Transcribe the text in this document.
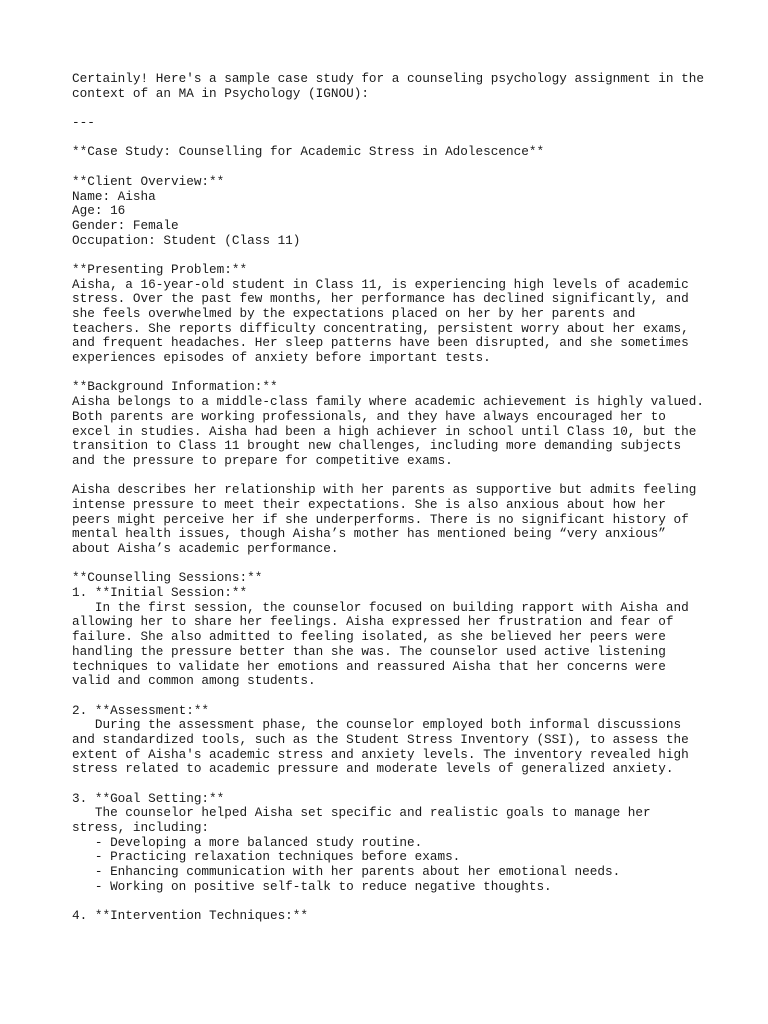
Certainly! Here's a sample case study for a counseling psychology assignment in the
context of an MA in Psychology (IGNOU):
---
**Case Study: Counselling for Academic Stress in Adolescence**
**Client Overview:**
Name: Aisha
Age: 16
Gender: Female
Occupation: Student (Class 11)
**Presenting Problem:**
Aisha, a 16-year-old student in Class 11, is experiencing high levels of academic
stress. Over the past few months, her performance has declined significantly, and
she feels overwhelmed by the expectations placed on her by her parents and
teachers. She reports difficulty concentrating, persistent worry about her exams,
and frequent headaches. Her sleep patterns have been disrupted, and she sometimes
experiences episodes of anxiety before important tests.
**Background Information:**
Aisha belongs to a middle-class family where academic achievement is highly valued.
Both parents are working professionals, and they have always encouraged her to
excel in studies. Aisha had been a high achiever in school until Class 10, but the
transition to Class 11 brought new challenges, including more demanding subjects
and the pressure to prepare for competitive exams.
Aisha describes her relationship with her parents as supportive but admits feeling
intense pressure to meet their expectations. She is also anxious about how her
peers might perceive her if she underperforms. There is no significant history of
mental health issues, though Aisha’s mother has mentioned being “very anxious”
about Aisha’s academic performance.
**Counselling Sessions:**
1. **Initial Session:**
In the first session, the counselor focused on building rapport with Aisha and
allowing her to share her feelings. Aisha expressed her frustration and fear of
failure. She also admitted to feeling isolated, as she believed her peers were
handling the pressure better than she was. The counselor used active listening
techniques to validate her emotions and reassured Aisha that her concerns were
valid and common among students.
2. **Assessment:**
During the assessment phase, the counselor employed both informal discussions
and standardized tools, such as the Student Stress Inventory (SSI), to assess the
extent of Aisha's academic stress and anxiety levels. The inventory revealed high
stress related to academic pressure and moderate levels of generalized anxiety.
3. **Goal Setting:**
The counselor helped Aisha set specific and realistic goals to manage her
stress, including:
- Developing a more balanced study routine.
- Practicing relaxation techniques before exams.
- Enhancing communication with her parents about her emotional needs.
- Working on positive self-talk to reduce negative thoughts.
4. **Intervention Techniques:**
